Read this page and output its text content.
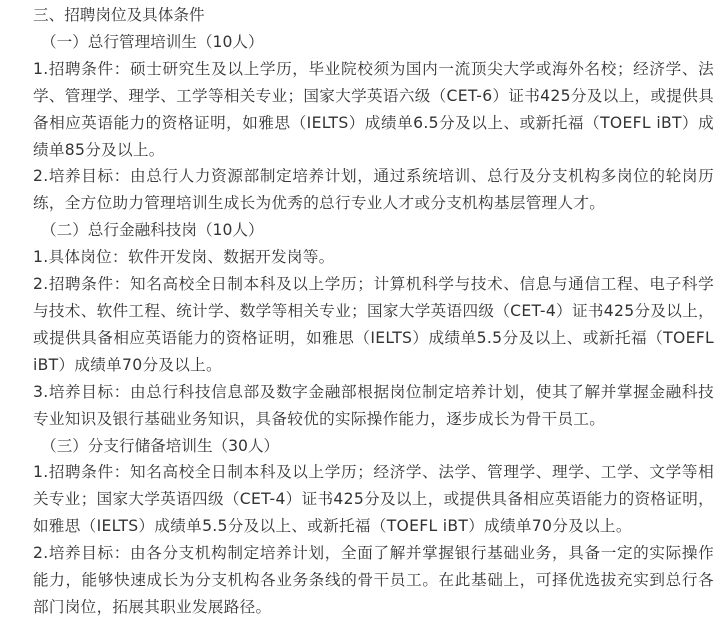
三、招聘岗位及具体条件
（一）总行管理培训生（10人）

1.招聘条件：硕士研究生及以上学历，毕业院校须为国内一流顶尖大学或海外名校；经济学、法学、管理学、理学、工学等相关专业；国家大学英语六级（CET-6）证书425分及以上，或提供具备相应英语能力的资格证明，如雅思（IELTS）成绩单6.5分及以上、或新托福（TOEFL iBT）成绩单85分及以上。

2.培养目标：由总行人力资源部制定培养计划，通过系统培训、总行及分支机构多岗位的轮岗历练，全方位助力管理培训生成长为优秀的总行专业人才或分支机构基层管理人才。

（二）总行金融科技岗（10人）

1.具体岗位：软件开发岗、数据开发岗等。

2.招聘条件：知名高校全日制本科及以上学历；计算机科学与技术、信息与通信工程、电子科学与技术、软件工程、统计学、数学等相关专业；国家大学英语四级（CET-4）证书425分及以上，或提供具备相应英语能力的资格证明，如雅思（IELTS）成绩单5.5分及以上、或新托福（TOEFL iBT）成绩单70分及以上。

3.培养目标：由总行科技信息部及数字金融部根据岗位制定培养计划，使其了解并掌握金融科技专业知识及银行基础业务知识，具备较优的实际操作能力，逐步成长为骨干员工。

（三）分支行储备培训生（30人）

1.招聘条件：知名高校全日制本科及以上学历；经济学、法学、管理学、理学、工学、文学等相关专业；国家大学英语四级（CET-4）证书425分及以上，或提供具备相应英语能力的资格证明，如雅思（IELTS）成绩单5.5分及以上、或新托福（TOEFL iBT）成绩单70分及以上。

2.培养目标：由各分支机构制定培养计划，全面了解并掌握银行基础业务，具备一定的实际操作能力，能够快速成长为分支机构各业务条线的骨干员工。在此基础上，可择优选拔充实到总行各部门岗位，拓展其职业发展路径。
